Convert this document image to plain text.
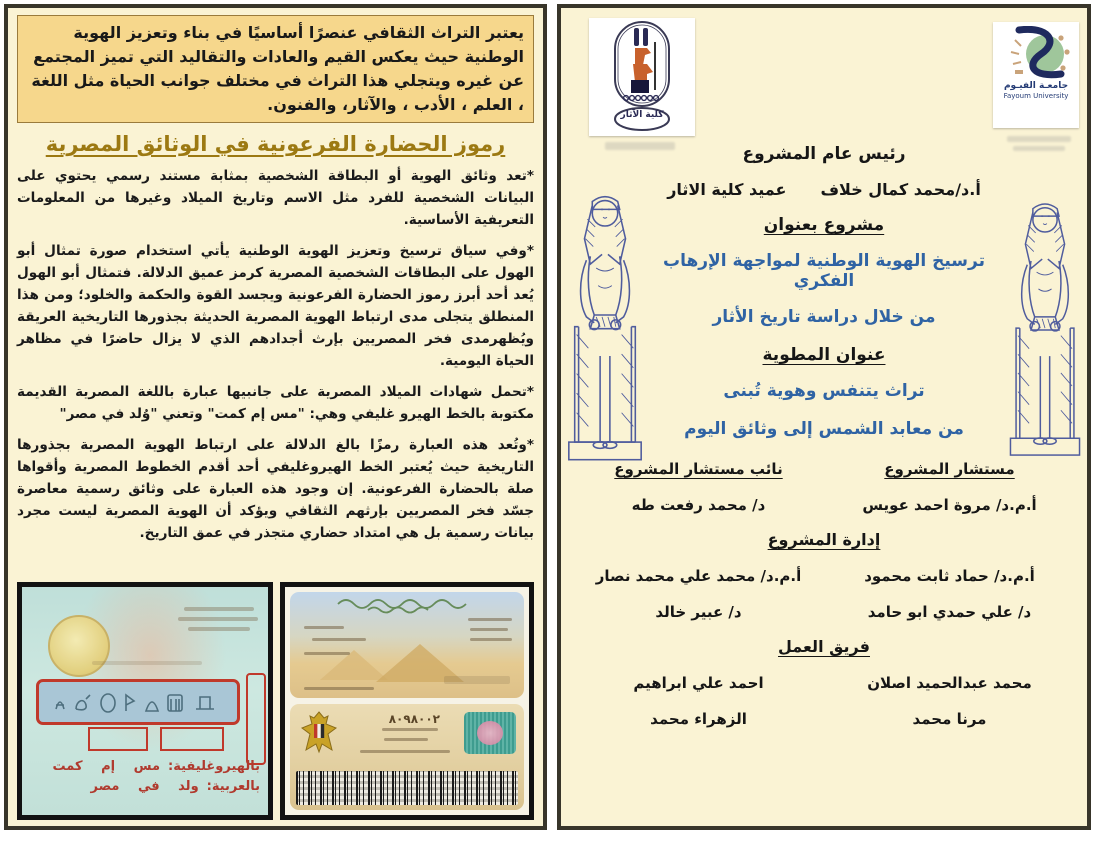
يعتبر التراث الثقافي عنصرًا أساسيًا في بناء وتعزيز الهوية الوطنية حيث يعكس القيم والعادات والتقاليد التي تميز المجتمع عن غيره ويتجلي هذا التراث في مختلف جوانب الحياة مثل اللغة ، العلم ، الأدب ، والآثار، والفنون.
رموز الحضارة الفرعونية في الوثائق المصرية

*تعد وثائق الهوية أو البطاقة الشخصية بمثابة مستند رسمي يحتوي على البيانات الشخصية للفرد مثل الاسم وتاريخ الميلاد وغيرها من المعلومات التعريفية الأساسية.

*وفي سياق ترسيخ وتعزيز الهوية الوطنية يأتي استخدام صورة تمثال أبو الهول على البطاقات الشخصية المصرية كرمز عميق الدلالة. فتمثال أبو الهول يُعد أحد أبرز رموز الحضارة الفرعونية ويجسد القوة والحكمة والخلود؛ ومن هذا المنطلق يتجلى مدى ارتباط الهوية المصرية الحديثة بجذورها التاريخية العريقة ويُظهرمدى فخر المصريين بإرث أجدادهم الذي لا يزال حاضرًا في مظاهر الحياة اليومية.

*تحمل شهادات الميلاد المصرية على جانبيها عبارة باللغة المصرية القديمة مكتوبة بالخط الهيرو غليفي وهي: "مس إم كمت" وتعني "وُلد في مصر"

*وتُعد هذه العبارة رمزًا بالغ الدلالة على ارتباط الهوية المصرية بجذورها التاريخية حيث يُعتبر الخط الهيروغليفي أحد أقدم الخطوط المصرية وأقواها صلة بالحضارة الفرعونية. إن وجود هذه العبارة على وثائق رسمية معاصرة جسّد فخر المصريين بإرثهم الثقافي ويؤكد أن الهوية المصرية ليست مجرد بيانات رسمية بل هي امتداد حضاري متجذر في عمق التاريخ.

بالهيروغليفية:
مس إم كمت
بالعربية:
ولد في مصر
٨٠٩٨٠٠٢
كلية الآثار
جامعـة الفيـوم
Fayoum University
رئيس عام المشروع
أ.د/محمد كمال خلاف
عميد كلية الاثار
مشروع بعنوان
ترسيخ الهوية الوطنية لمواجهة الإرهاب الفكري
من خلال دراسة تاريخ الأثار
عنوان المطوية
تراث يتنفس وهوية تُبنى
من معابد الشمس إلى وثائق اليوم
مستشار المشروع
نائب مستشار المشروع
أ.م.د/ مروة احمد عويس
د/ محمد رفعت طه
إدارة المشروع
أ.م.د/ حماد ثابت محمود
أ.م.د/ محمد علي محمد نصار
د/ علي حمدي ابو حامد
د/ عبير خالد
فريق العمل
محمد عبدالحميد اصلان
احمد علي ابراهيم
مرنا محمد
الزهراء محمد
